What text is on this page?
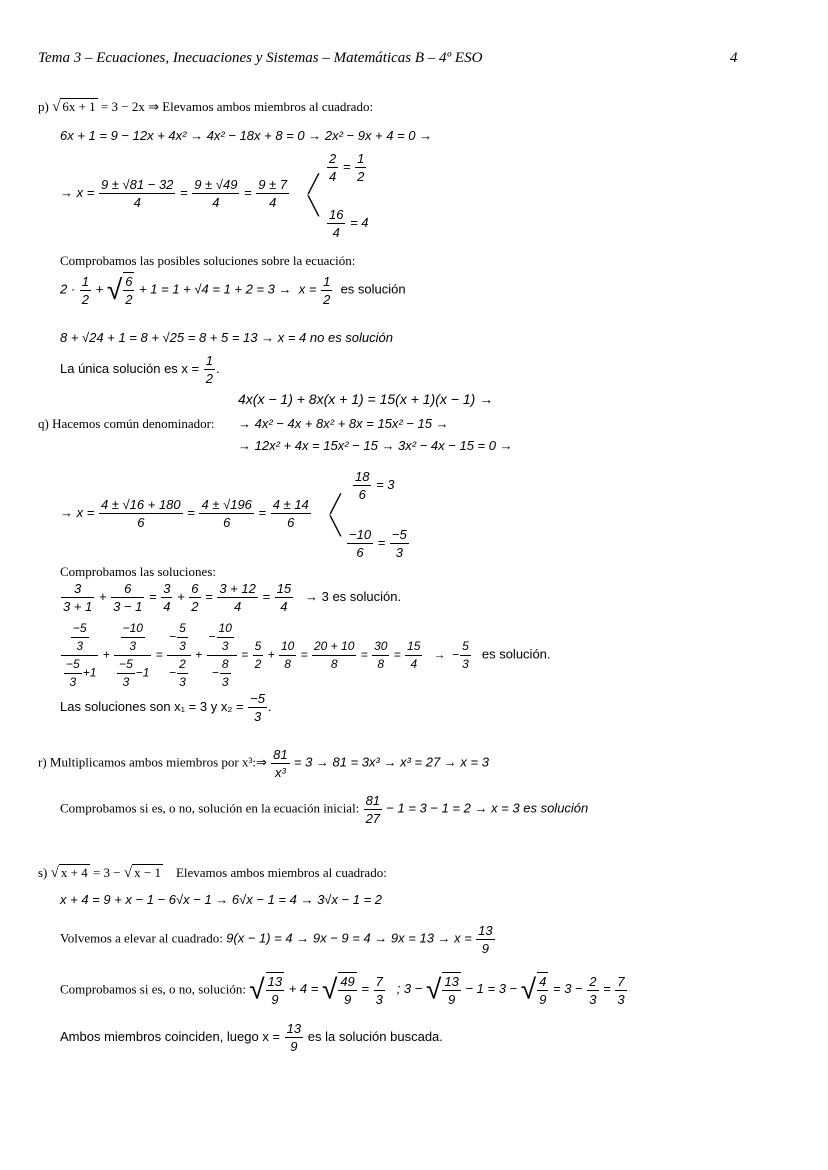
Tema 3 – Ecuaciones, Inecuaciones y Sistemas – Matemáticas B – 4º ESO	4
p) √ 6x + 1 = 3 − 2x ⇒ Elevamos ambos miembros al cuadrado:
6x + 1 = 9 − 12x + 4x² → 4x² − 18x + 8 = 0 → 2x² − 9x + 4 = 0 →
→ $x = \frac{9 \pm √81 - 32}{4} = \frac{9 \pm √49}{4} = \frac{9 \pm 7}{4}$ ╱
╲
$\frac{2}{4} = \frac{1}{2}$
$\frac{16}{4} = 4$
Comprobamos las posibles soluciones sobre la ecuación:
$2 \cdot \frac{1}{2}$ + √ $\frac{6}{2} + 1 = 1 + √4 = 1 + 2 = 3 \to x = \frac{1}{2}$ es solución
8 + √24 + 1 = 8 + √25 = 8 + 5 = 13 → x = 4 no es solución
La única solución es $x = \frac{1}{2}$ .
4x(x − 1) + 8x(x + 1) = 15(x + 1)(x − 1) →
q) Hacemos común denominador: → 4x² − 4x + 8x² + 8x = 15x² − 15 →
→ 12x² + 4x = 15x² − 15 → 3x² − 4x − 15 = 0 →
→ $x = \frac{4 \pm √16 + 180}{6} = \frac{4 \pm √196}{6} = \frac{4 \pm 14}{6}$ ╱
╲
$\frac{18}{6} = 3$
$\frac{-10}{6} = \frac{-5}{3}$
Comprobamos las soluciones:
$\frac{3}{3 + 1} + \frac{6}{3 - 1} = \frac{3}{4} + \frac{6}{2} = \frac{3 + 12}{4} = \frac{15}{4} \to 3$ es solución.
$\frac{\frac{-5}{3}}{\frac{-5}{3} +1} + \frac{\frac{-10}{3}}{\frac{-5}{3} -1} = \frac{- \frac{5}{3}}{- \frac{2}{3}} + \frac{- \frac{10}{3}}{- \frac{8}{3}} = \frac{5}{2} + \frac{10}{8} = \frac{20 + 10}{8} = \frac{30}{8} = \frac{15}{4}$ →  − $\frac{5}{3}$ es solución.
Las soluciones son x₁ = 3 y $x_2 = \frac{-5}{3}$ .
r) Multiplicamos ambos miembros por x³:⇒ $\frac{81}{\text{x³}} = 3 \to 81 = 3x^3 \to x^3 = 27 \to x = 3$
Comprobamos si es, o no, solución en la ecuación inicial: $\frac{81}{27} - 1 = 3 - 1 = 2 \to x = 3$ es solución
s) √ x + 4 = 3 − √ x − 1 Elevamos ambos miembros al cuadrado:
x + 4 = 9 + x − 1 − 6√x − 1 → 6√x − 1 = 4 → 3√x − 1 = 2
Volvemos a elevar al cuadrado: $9(x - 1) = 4 \to 9x - 9 = 4 \to 9x = 13 \to x = \frac{13}{9}$
Comprobamos si es, o no, solución: √ $\frac{13}{9} + 4$ = √ $\frac{49}{9} = \frac{7}{3}$ ; 3 − √ $\frac{13}{9} - 1 = 3$ − √ $\frac{4}{9} = 3 - \frac{2}{3} = \frac{7}{3}$
Ambos miembros coinciden, luego $x = \frac{13}{9}$ es la solución buscada.
